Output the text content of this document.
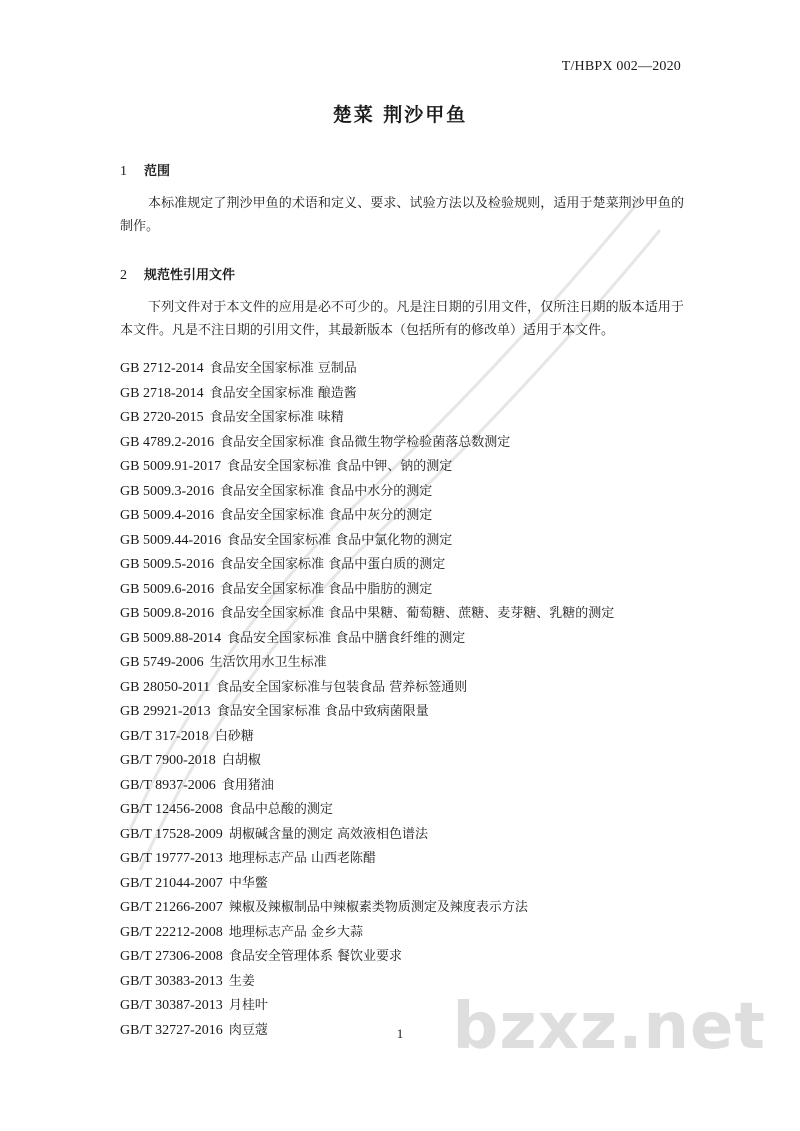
T/HBPX 002—2020
楚菜 荆沙甲鱼
1 范围

本标准规定了荆沙甲鱼的术语和定义、要求、试验方法以及检验规则，适用于楚菜荆沙甲鱼的制作。

2 规范性引用文件

下列文件对于本文件的应用是必不可少的。凡是注日期的引用文件，仅所注日期的版本适用于本文件。凡是不注日期的引用文件，其最新版本（包括所有的修改单）适用于本文件。

GB 2712-2014 食品安全国家标准 豆制品
GB 2718-2014 食品安全国家标准 酿造酱
GB 2720-2015 食品安全国家标准 味精
GB 4789.2-2016 食品安全国家标准 食品微生物学检验菌落总数测定
GB 5009.91-2017 食品安全国家标准 食品中钾、钠的测定
GB 5009.3-2016 食品安全国家标准 食品中水分的测定
GB 5009.4-2016 食品安全国家标准 食品中灰分的测定
GB 5009.44-2016 食品安全国家标准 食品中氯化物的测定
GB 5009.5-2016 食品安全国家标准 食品中蛋白质的测定
GB 5009.6-2016 食品安全国家标准 食品中脂肪的测定
GB 5009.8-2016 食品安全国家标准 食品中果糖、葡萄糖、蔗糖、麦芽糖、乳糖的测定
GB 5009.88-2014 食品安全国家标准 食品中膳食纤维的测定
GB 5749-2006 生活饮用水卫生标准
GB 28050-2011 食品安全国家标准与包装食品 营养标签通则
GB 29921-2013 食品安全国家标准 食品中致病菌限量
GB/T 317-2018 白砂糖
GB/T 7900-2018 白胡椒
GB/T 8937-2006 食用猪油
GB/T 12456-2008 食品中总酸的测定
GB/T 17528-2009 胡椒碱含量的测定 高效液相色谱法
GB/T 19777-2013 地理标志产品 山西老陈醋
GB/T 21044-2007 中华鳖
GB/T 21266-2007 辣椒及辣椒制品中辣椒素类物质测定及辣度表示方法
GB/T 22212-2008 地理标志产品 金乡大蒜
GB/T 27306-2008 食品安全管理体系 餐饮业要求
GB/T 30383-2013 生姜
GB/T 30387-2013 月桂叶
GB/T 32727-2016 肉豆蔻	1 bzxz.net
